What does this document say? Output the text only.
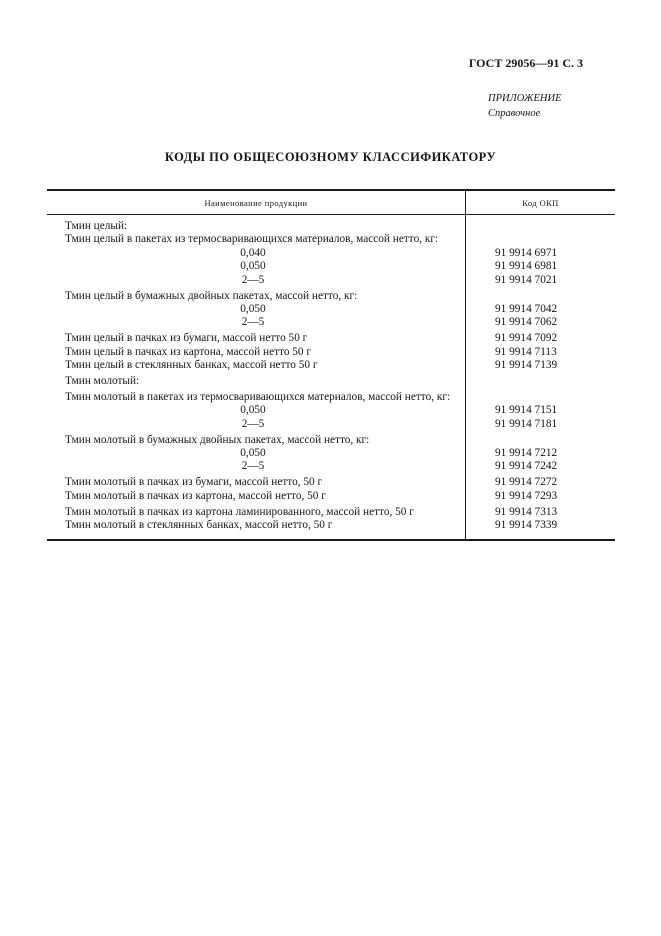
ГОСТ 29056—91 С. 3
ПРИЛОЖЕНИЕ
Справочное
КОДЫ ПО ОБЩЕСОЮЗНОМУ КЛАССИФИКАТОРУ
Наименование продукции	Код ОКП
Тмин целый:
Тмин целый в пакетах из термосваривающихся материалов, массой нетто, кг:
0,040	91 9914 6971
0,050	91 9914 6981
2—5	91 9914 7021
Тмин целый в бумажных двойных пакетах, массой нетто, кг:
0,050	91 9914 7042
2—5	91 9914 7062
Тмин целый в пачках из бумаги, массой нетто 50 г	91 9914 7092
Тмин целый в пачках из картона, массой нетто 50 г	91 9914 7113
Тмин целый в стеклянных банках, массой нетто 50 г	91 9914 7139
Тмин молотый:
Тмин молотый в пакетах из термосваривающихся материалов, массой нетто, кг:
0,050	91 9914 7151
2—5	91 9914 7181
Тмин молотый в бумажных двойных пакетах, массой нетто, кг:
0,050	91 9914 7212
2—5	91 9914 7242
Тмин молотый в пачках из бумаги, массой нетто, 50 г	91 9914 7272
Тмин молотый в пачках из картона, массой нетто, 50 г	91 9914 7293
Тмин молотый в пачках из картона ламинированного, массой нетто, 50 г	91 9914 7313
Тмин молотый в стеклянных банках, массой нетто, 50 г	91 9914 7339
